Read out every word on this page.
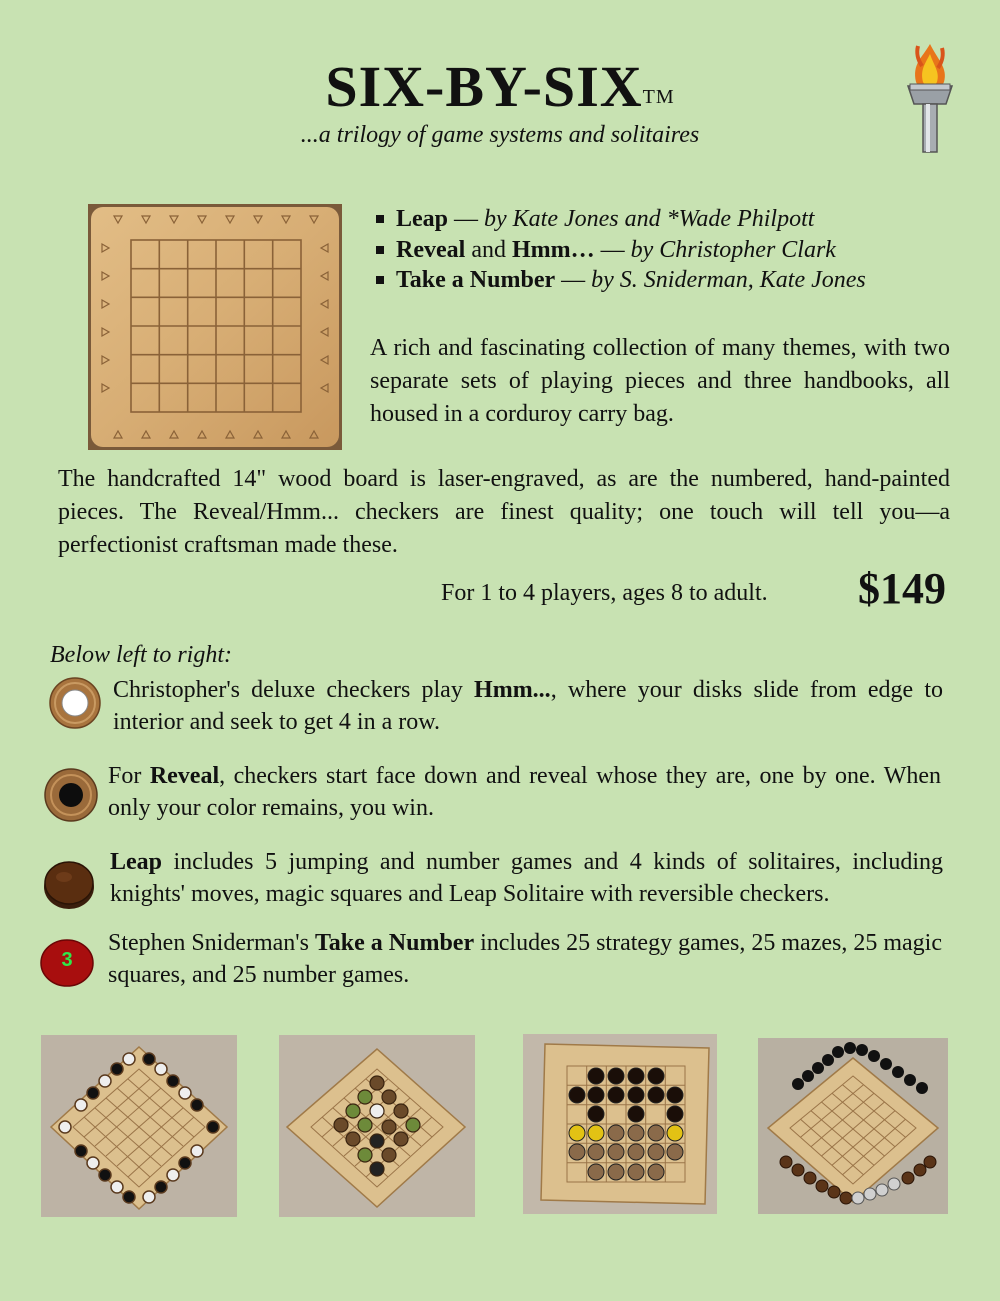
SIX-BY-SIX™
...a trilogy of game systems and solitaires
Leap — by Kate Jones and *Wade Philpott
Reveal and Hmm… — by Christopher Clark
Take a Number — by S. Sniderman, Kate Jones
A rich and fascinating collection of many themes, with two separate sets of playing pieces and three handbooks, all housed in a corduroy carry bag.
The handcrafted 14" wood board is laser-engraved, as are the numbered, hand-painted pieces. The Reveal/Hmm... checkers are finest quality; one touch will tell you—a perfectionist craftsman made these.
For 1 to 4 players, ages 8 to adult. $149
Below left to right:
Christopher's deluxe checkers play Hmm..., where your disks slide from edge to interior and seek to get 4 in a row.
For Reveal, checkers start face down and reveal whose they are, one by one. When only your color remains, you win.
Leap includes 5 jumping and number games and 4 kinds of solitaires, including knights' moves, magic squares and Leap Solitaire with reversible checkers.
3
Stephen Sniderman's Take a Number includes 25 strategy games, 25 mazes, 25 magic squares, and 25 number games.
